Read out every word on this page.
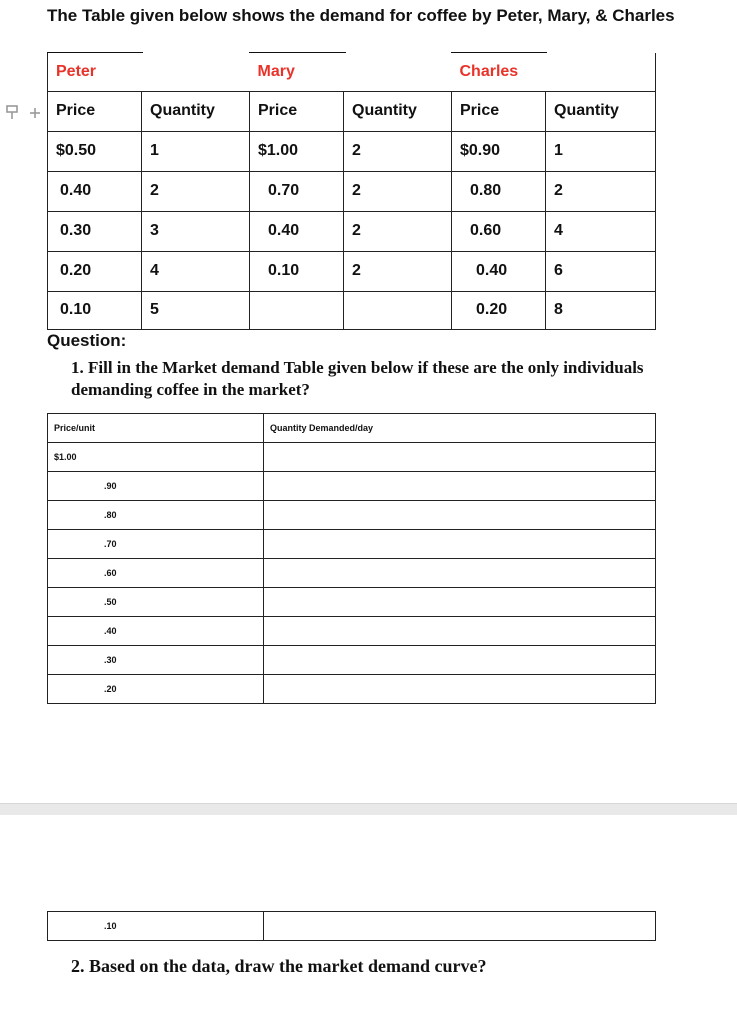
The Table given below shows the demand for coffee by Peter, Mary, & Charles

Peter		Mary		Charles	
Price	Quantity	Price	Quantity	Price	Quantity
$0.50	1	$1.00	2	$0.90	1
0.40	2	0.70	2	0.80	2
0.30	3	0.40	2	0.60	4
0.20	4	0.10	2	0.40	6
0.10	5			0.20	8
Question:
1. Fill in the Market demand Table given below if these are the only individuals demanding coffee in the market?
Price/unit	Quantity Demanded/day
$1.00	
.90	
.80	
.70	
.60	
.50	
.40	
.30	
.20	
.10	
2. Based on the data, draw the market demand curve?
